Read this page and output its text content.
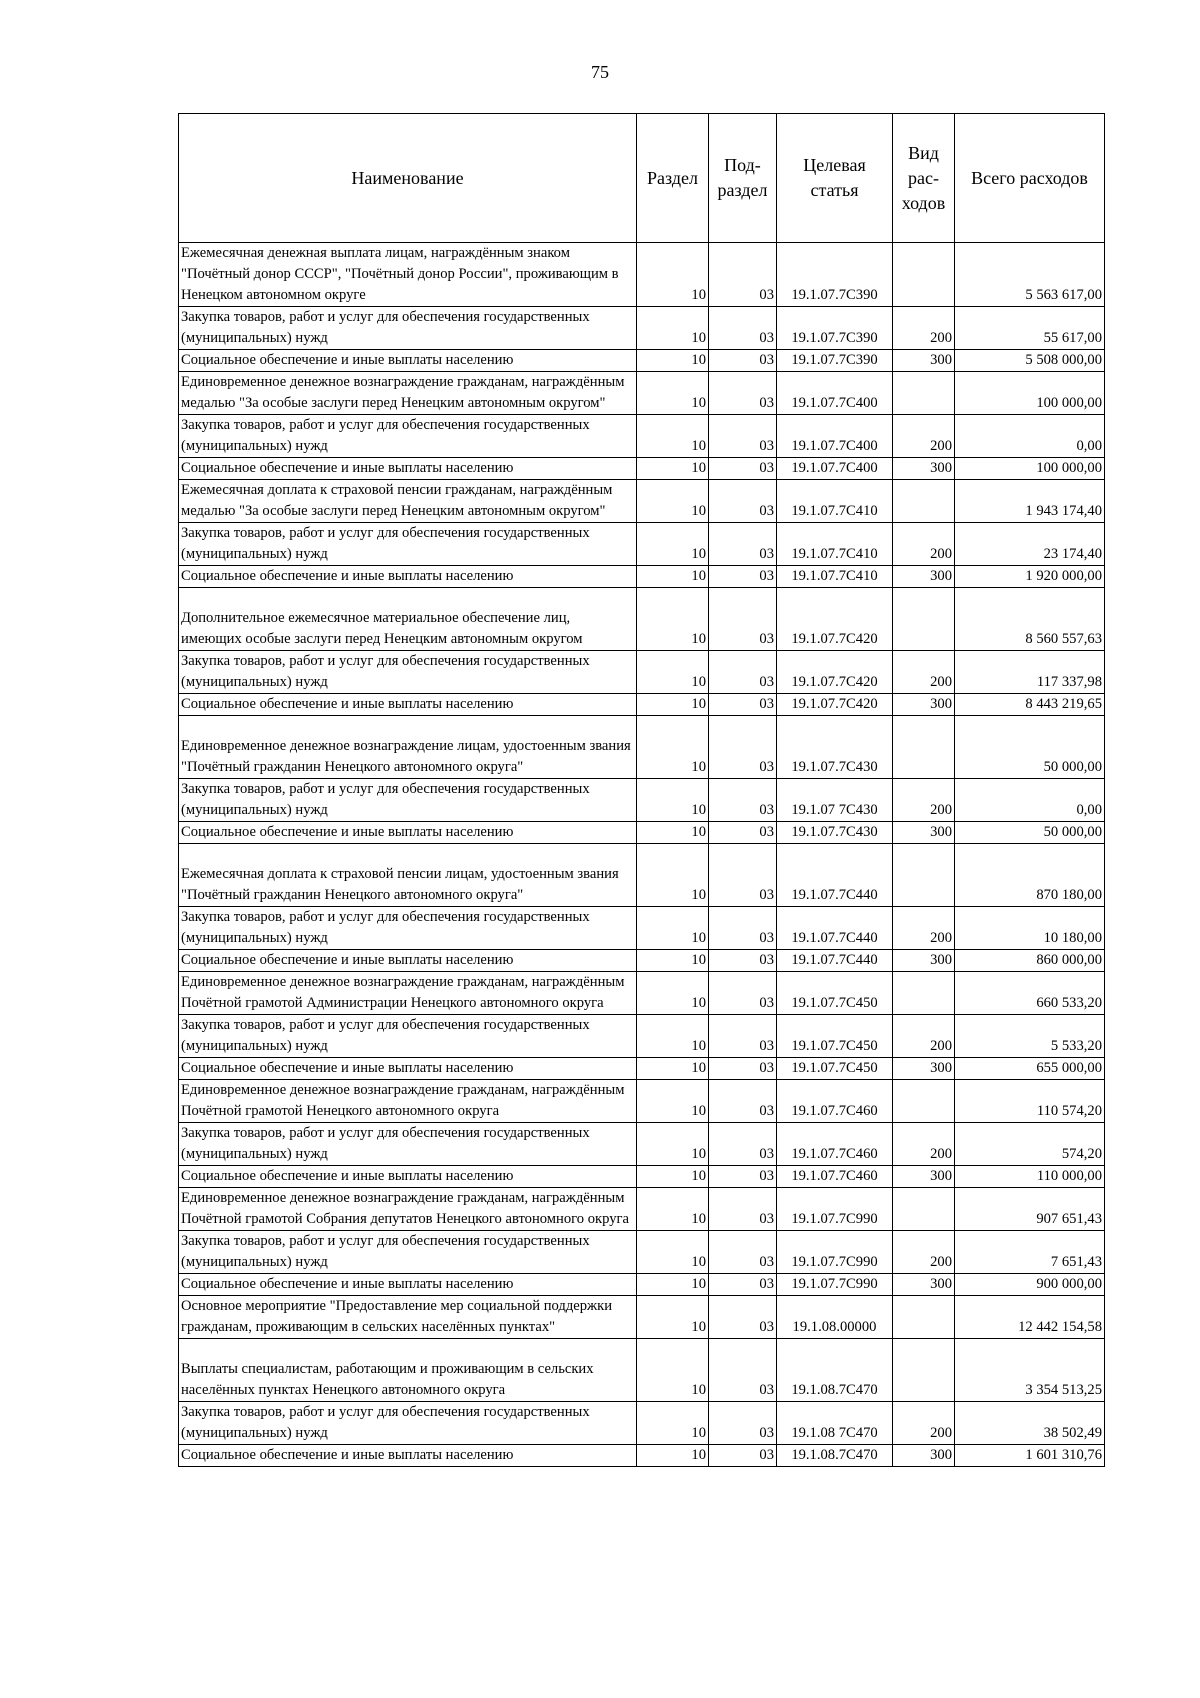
75
Наименование	Раздел	Под-раздел	Целевая статья	Вид рас-ходов	Всего расходов
Ежемесячная денежная выплата лицам, награждённым знаком "Почётный донор СССР", "Почётный донор России", проживающим в Ненецком автономном округе	10	03	19.1.07.7С390		5 563 617,00
Закупка товаров, работ и услуг для обеспечения государственных (муниципальных) нужд	10	03	19.1.07.7С390	200	55 617,00
Социальное обеспечение и иные выплаты населению	10	03	19.1.07.7С390	300	5 508 000,00
Единовременное денежное вознаграждение гражданам, награждённым медалью "За особые заслуги перед Ненецким автономным округом"	10	03	19.1.07.7С400		100 000,00
Закупка товаров, работ и услуг для обеспечения государственных (муниципальных) нужд	10	03	19.1.07.7С400	200	0,00
Социальное обеспечение и иные выплаты населению	10	03	19.1.07.7С400	300	100 000,00
Ежемесячная доплата к страховой пенсии гражданам, награждённым медалью "За особые заслуги перед Ненецким автономным округом"	10	03	19.1.07.7С410		1 943 174,40
Закупка товаров, работ и услуг для обеспечения государственных (муниципальных) нужд	10	03	19.1.07.7С410	200	23 174,40
Социальное обеспечение и иные выплаты населению	10	03	19.1.07.7С410	300	1 920 000,00
Дополнительное ежемесячное материальное обеспечение лиц, имеющих особые заслуги перед Ненецким автономным округом	10	03	19.1.07.7С420		8 560 557,63
Закупка товаров, работ и услуг для обеспечения государственных (муниципальных) нужд	10	03	19.1.07.7С420	200	117 337,98
Социальное обеспечение и иные выплаты населению	10	03	19.1.07.7С420	300	8 443 219,65
Единовременное денежное вознаграждение лицам, удостоенным звания "Почётный гражданин Ненецкого автономного округа"	10	03	19.1.07.7С430		50 000,00
Закупка товаров, работ и услуг для обеспечения государственных (муниципальных) нужд	10	03	19.1.07 7С430	200	0,00
Социальное обеспечение и иные выплаты населению	10	03	19.1.07.7С430	300	50 000,00
Ежемесячная доплата к страховой пенсии лицам, удостоенным звания "Почётный гражданин Ненецкого автономного округа"	10	03	19.1.07.7С440		870 180,00
Закупка товаров, работ и услуг для обеспечения государственных (муниципальных) нужд	10	03	19.1.07.7С440	200	10 180,00
Социальное обеспечение и иные выплаты населению	10	03	19.1.07.7С440	300	860 000,00
Единовременное денежное вознаграждение гражданам, награждённым Почётной грамотой Администрации Ненецкого автономного округа	10	03	19.1.07.7С450		660 533,20
Закупка товаров, работ и услуг для обеспечения государственных (муниципальных) нужд	10	03	19.1.07.7С450	200	5 533,20
Социальное обеспечение и иные выплаты населению	10	03	19.1.07.7С450	300	655 000,00
Единовременное денежное вознаграждение гражданам, награждённым Почётной грамотой Ненецкого автономного округа	10	03	19.1.07.7С460		110 574,20
Закупка товаров, работ и услуг для обеспечения государственных (муниципальных) нужд	10	03	19.1.07.7С460	200	574,20
Социальное обеспечение и иные выплаты населению	10	03	19.1.07.7С460	300	110 000,00
Единовременное денежное вознаграждение гражданам, награждённым Почётной грамотой Собрания депутатов Ненецкого автономного округа	10	03	19.1.07.7С990		907 651,43
Закупка товаров, работ и услуг для обеспечения государственных (муниципальных) нужд	10	03	19.1.07.7С990	200	7 651,43
Социальное обеспечение и иные выплаты населению	10	03	19.1.07.7С990	300	900 000,00
Основное мероприятие "Предоставление мер социальной поддержки гражданам, проживающим в сельских населённых пунктах"	10	03	19.1.08.00000		12 442 154,58
Выплаты специалистам, работающим и проживающим в сельских населённых пунктах Ненецкого автономного округа	10	03	19.1.08.7С470		3 354 513,25
Закупка товаров, работ и услуг для обеспечения государственных (муниципальных) нужд	10	03	19.1.08 7С470	200	38 502,49
Социальное обеспечение и иные выплаты населению	10	03	19.1.08.7С470	300	1 601 310,76
